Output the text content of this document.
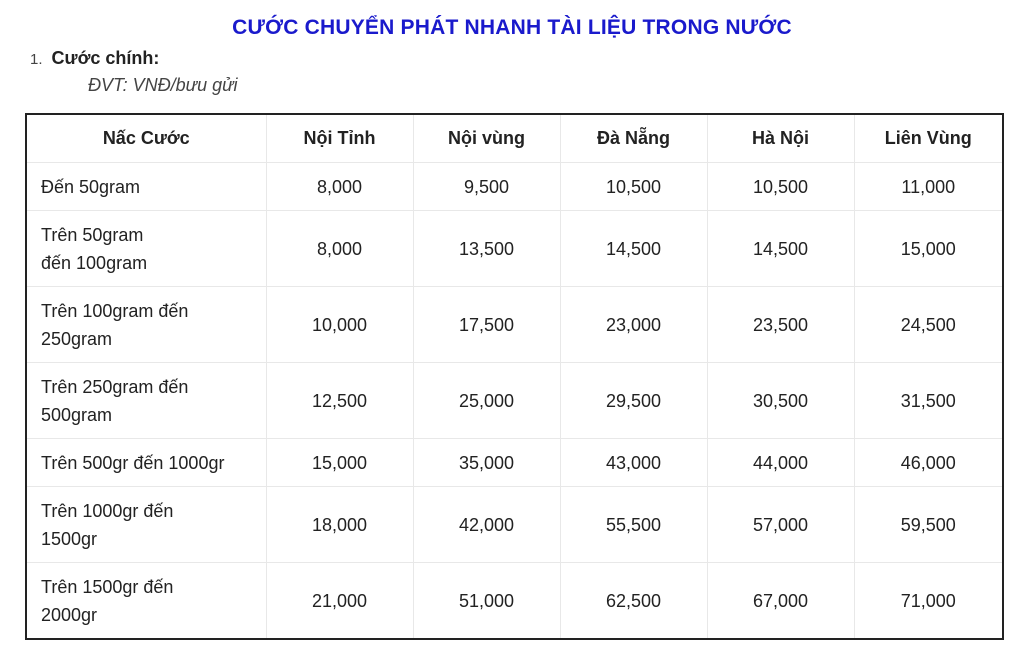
CƯỚC CHUYỂN PHÁT NHANH TÀI LIỆU TRONG NƯỚC
1. Cước chính:
ĐVT: VNĐ/bưu gửi
Nấc Cước	Nội Tỉnh	Nội vùng	Đà Nẵng	Hà Nội	Liên Vùng
Đến 50gram	8,000	9,500	10,500	10,500	11,000
Trên 50gram
đến 100gram	8,000	13,500	14,500	14,500	15,000
Trên 100gram đến
250gram	10,000	17,500	23,000	23,500	24,500
Trên 250gram đến
500gram	12,500	25,000	29,500	30,500	31,500
Trên 500gr đến 1000gr	15,000	35,000	43,000	44,000	46,000
Trên 1000gr đến
1500gr	18,000	42,000	55,500	57,000	59,500
Trên 1500gr đến
2000gr	21,000	51,000	62,500	67,000	71,000
